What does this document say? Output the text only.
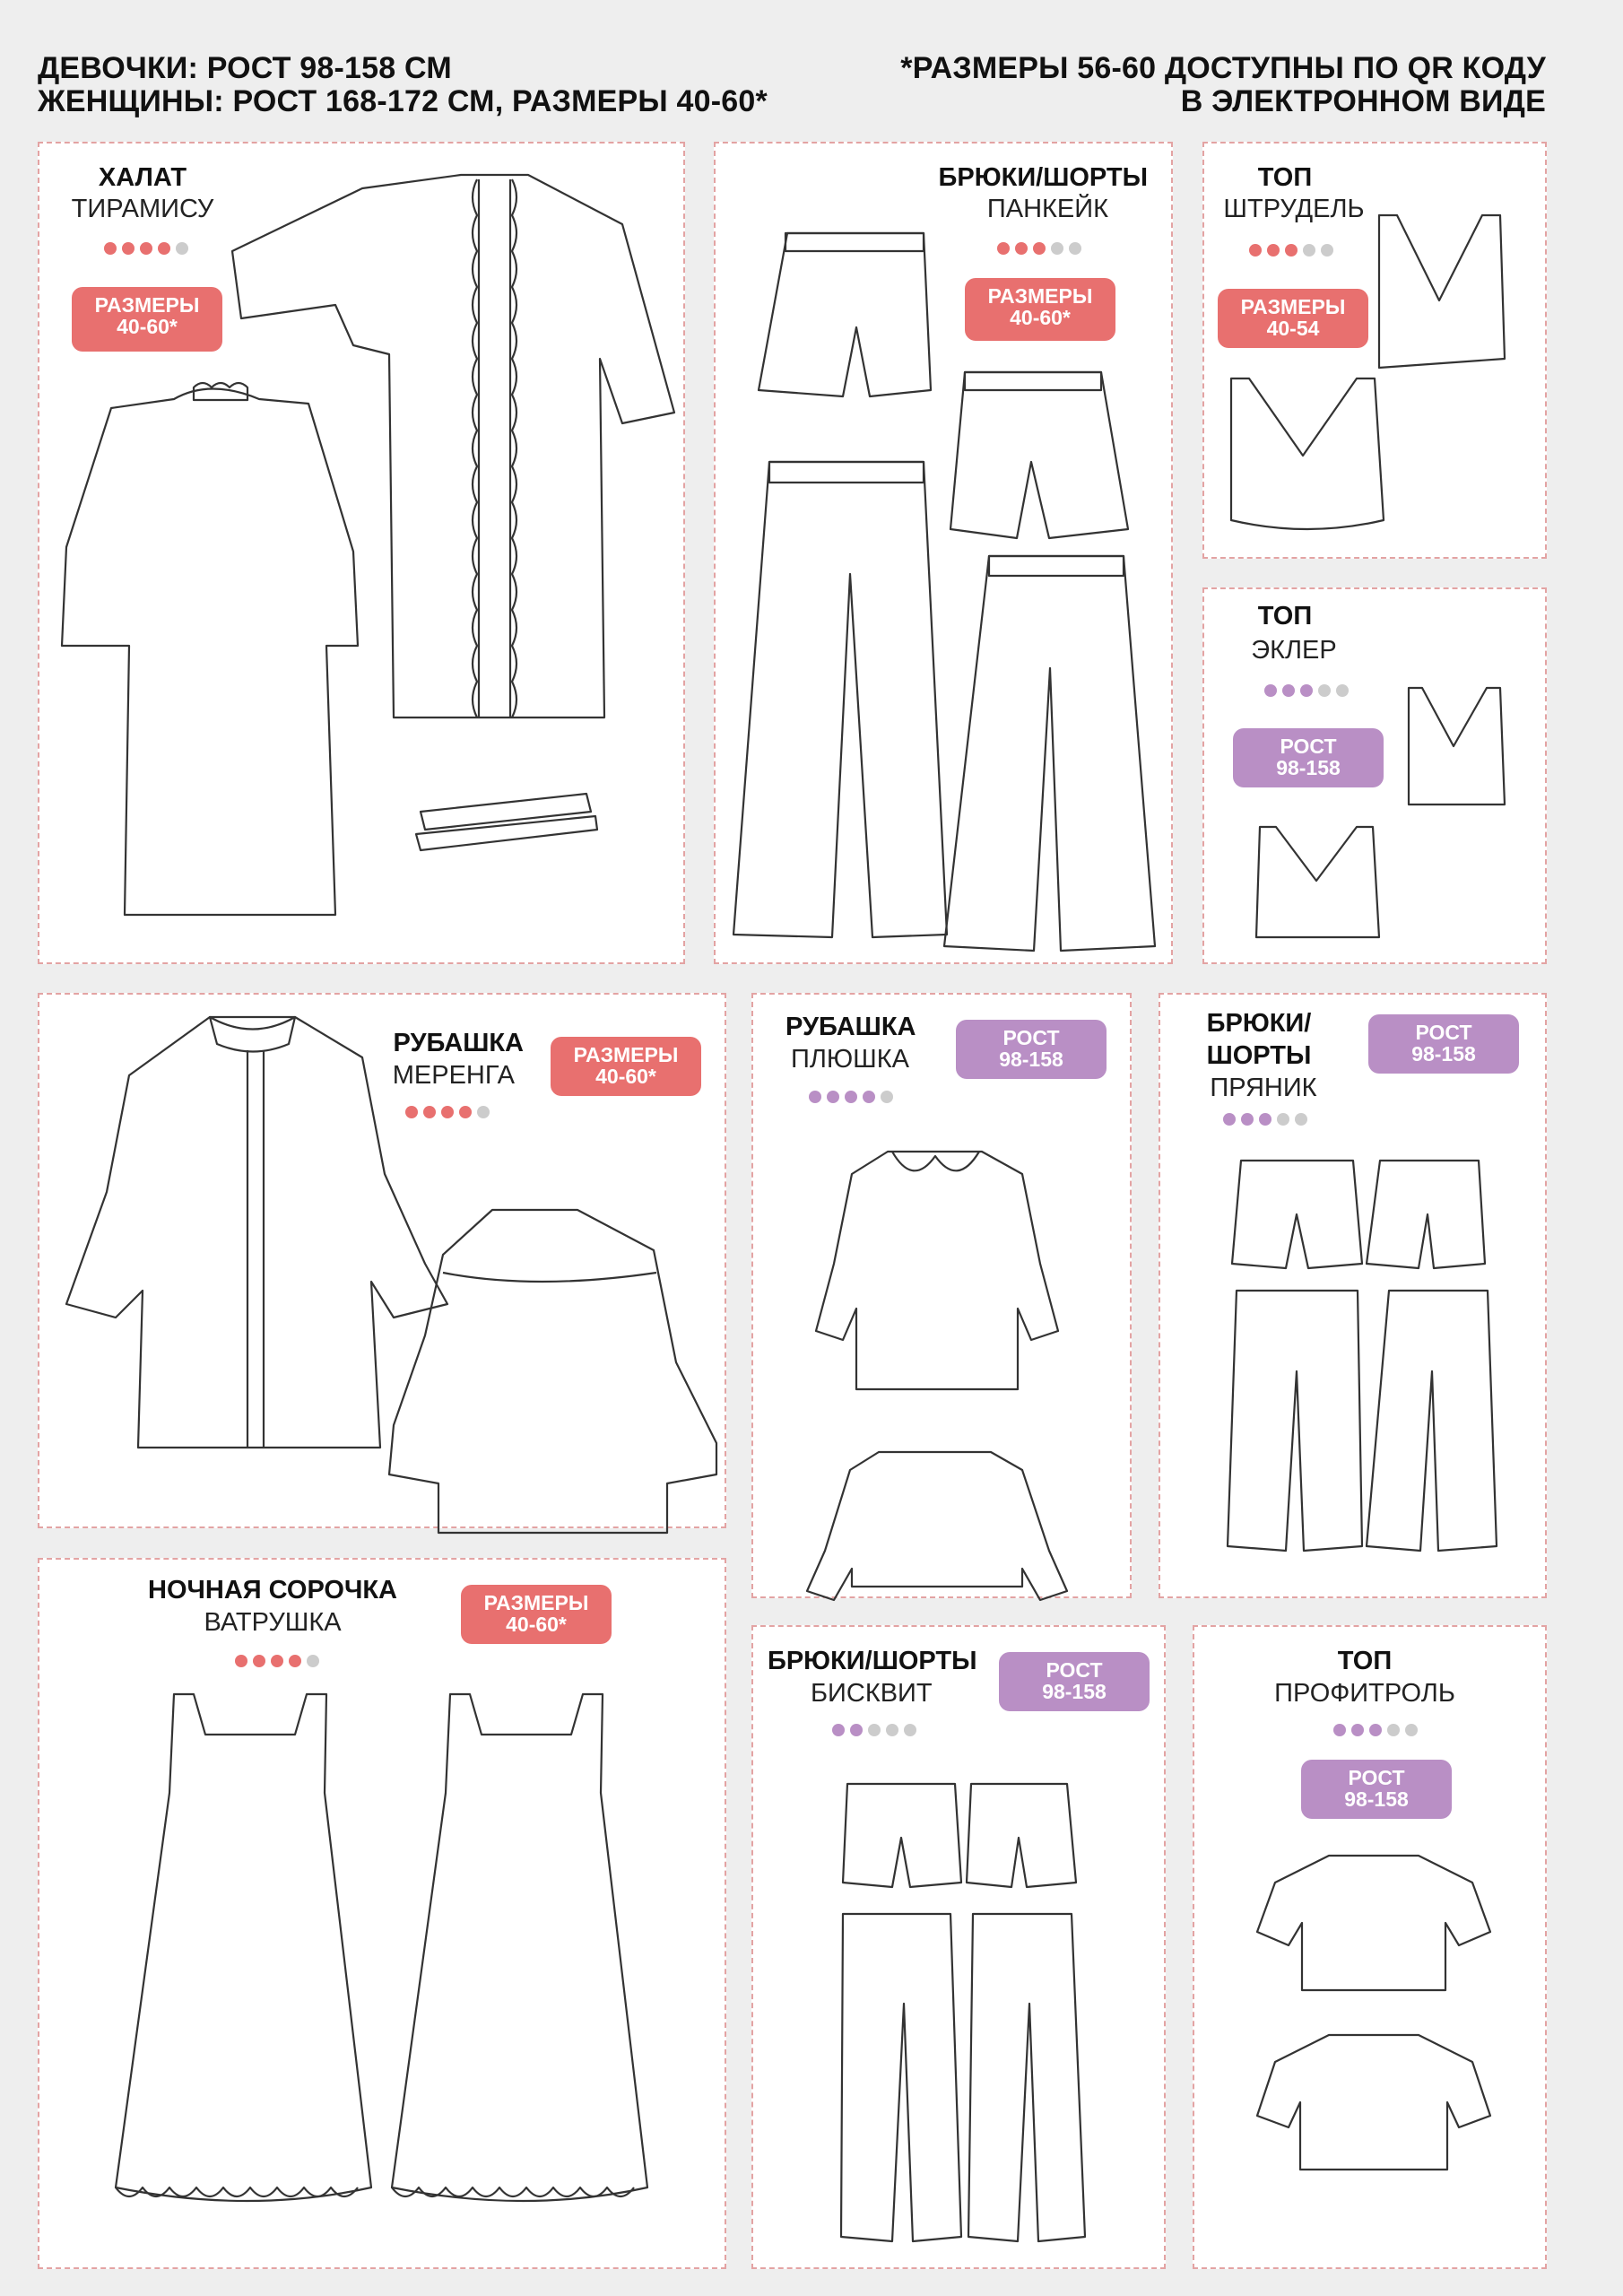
ДЕВОЧКИ: РОСТ 98-158 СМ
ЖЕНЩИНЫ: РОСТ 168-172 СМ, РАЗМЕРЫ 40-60*
*РАЗМЕРЫ 56-60 ДОСТУПНЫ ПО QR КОДУ
В ЭЛЕКТРОННОМ ВИДЕ
ХАЛАТ
ТИРАМИСУ
РАЗМЕРЫ
40-60*
БРЮКИ/ШОРТЫ
ПАНКЕЙК
РАЗМЕРЫ
40-60*
ТОП
ШТРУДЕЛЬ
РАЗМЕРЫ
40-54
ТОП
ЭКЛЕР
РОСТ
98-158
РУБАШКА
МЕРЕНГА
РАЗМЕРЫ
40-60*
РУБАШКА
ПЛЮШКА
РОСТ
98-158
БРЮКИ/
ШОРТЫ
ПРЯНИК
РОСТ
98-158
НОЧНАЯ СОРОЧКА
ВАТРУШКА
РАЗМЕРЫ
40-60*
БРЮКИ/ШОРТЫ
БИСКВИТ
РОСТ
98-158
ТОП
ПРОФИТРОЛЬ
РОСТ
98-158
